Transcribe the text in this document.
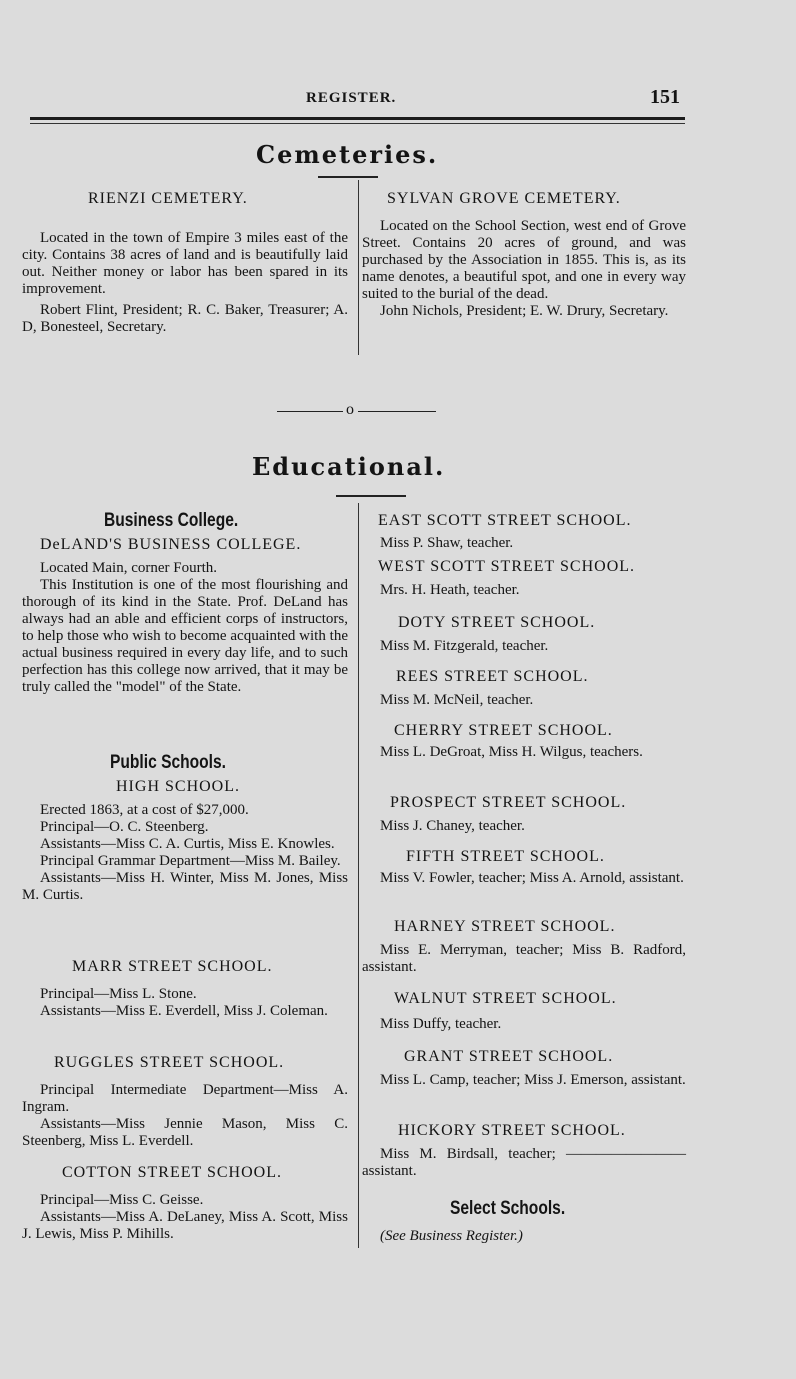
REGISTER.	151
Cemeteries.
RIENZI CEMETERY.

Located in the town of Empire 3 miles east of the city. Contains 38 acres of land and is beautifully laid out. Neither money or labor has been spared in its improvement.

Robert Flint, President; R. C. Baker, Treasurer; A. D, Bonesteel, Secretary.

SYLVAN GROVE CEMETERY.

Located on the School Section, west end of Grove Street. Contains 20 acres of ground, and was purchased by the Association in 1855. This is, as its name denotes, a beautiful spot, and one in every way suited to the burial of the dead.

John Nichols, President; E. W. Drury, Secretary.

o
Educational.
Business College.
DeLAND'S BUSINESS COLLEGE.

Located Main, corner Fourth.

This Institution is one of the most flourishing and thorough of its kind in the State. Prof. DeLand has always had an able and efficient corps of instructors, to help those who wish to become acquainted with the actual business required in every day life, and to such perfection has this college now arrived, that it may be truly called the "model" of the State.

Public Schools.
HIGH SCHOOL.

Erected 1863, at a cost of $27,000.

Principal—O. C. Steenberg.

Assistants—Miss C. A. Curtis, Miss E. Knowles.

Principal Grammar Department—Miss M. Bailey.

Assistants—Miss H. Winter, Miss M. Jones, Miss M. Curtis.

MARR STREET SCHOOL.

Principal—Miss L. Stone.

Assistants—Miss E. Everdell, Miss J. Coleman.

RUGGLES STREET SCHOOL.

Principal Intermediate Department—Miss A. Ingram.

Assistants—Miss Jennie Mason, Miss C. Steenberg, Miss L. Everdell.

COTTON STREET SCHOOL.

Principal—Miss C. Geisse.

Assistants—Miss A. DeLaney, Miss A. Scott, Miss J. Lewis, Miss P. Mihills.

EAST SCOTT STREET SCHOOL.

Miss P. Shaw, teacher.

WEST SCOTT STREET SCHOOL.

Mrs. H. Heath, teacher.

DOTY STREET SCHOOL.

Miss M. Fitzgerald, teacher.

REES STREET SCHOOL.

Miss M. McNeil, teacher.

CHERRY STREET SCHOOL.

Miss L. DeGroat, Miss H. Wilgus, teachers.

PROSPECT STREET SCHOOL.

Miss J. Chaney, teacher.

FIFTH STREET SCHOOL.

Miss V. Fowler, teacher; Miss A. Arnold, assistant.

HARNEY STREET SCHOOL.

Miss E. Merryman, teacher; Miss B. Radford, assistant.

WALNUT STREET SCHOOL.

Miss Duffy, teacher.

GRANT STREET SCHOOL.

Miss L. Camp, teacher; Miss J. Emerson, assistant.

HICKORY STREET SCHOOL.

Miss M. Birdsall, teacher; ———————— assistant.

Select Schools.
(See Business Register.)
